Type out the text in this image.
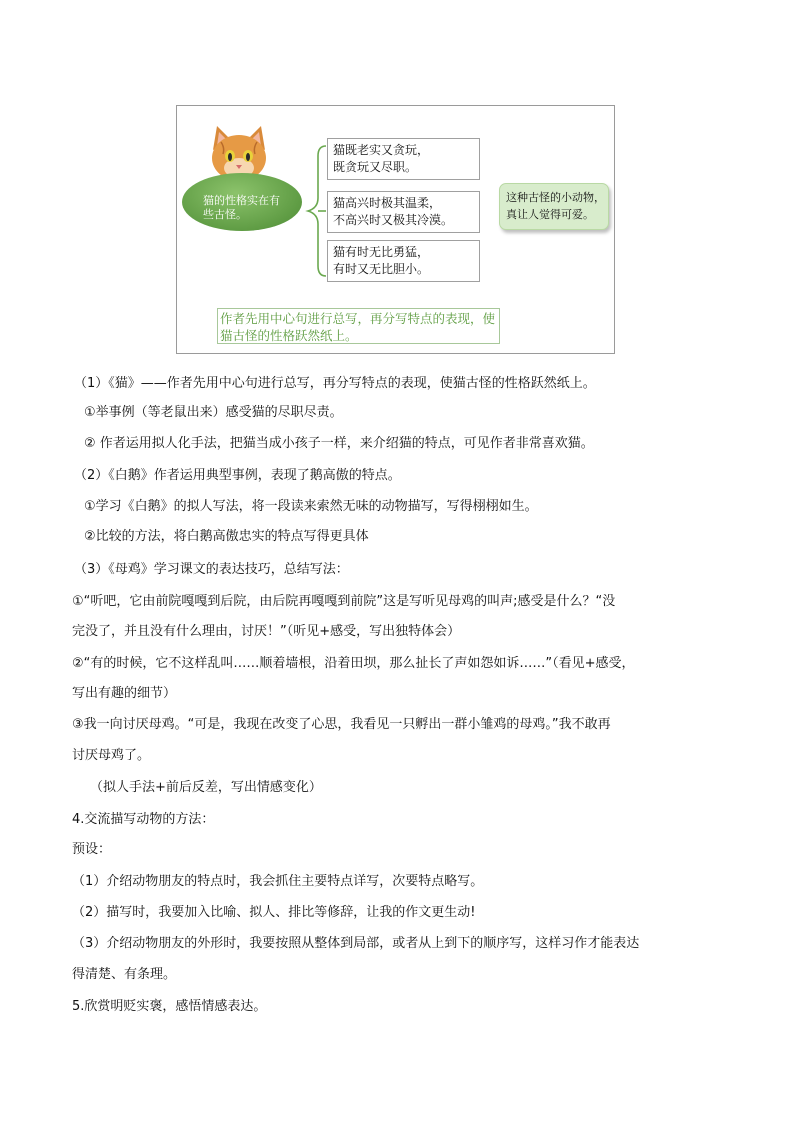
猫的性格实在有 些古怪。
猫既老实又贪玩，
既贪玩又尽职。
猫高兴时极其温柔，
不高兴时又极其冷漠。
猫有时无比勇猛，
有时又无比胆小。
这种古怪的小动物，
真让人觉得可爱。
作者先用中心句进行总写，再分写特点的表现，使猫古怪的性格跃然纸上。
（1）《猫》——作者先用中心句进行总写，再分写特点的表现，使猫古怪的性格跃然纸上。
①举事例（等老鼠出来）感受猫的尽职尽责。
② 作者运用拟人化手法，把猫当成小孩子一样，来介绍猫的特点，可见作者非常喜欢猫。
（2）《白鹅》作者运用典型事例，表现了鹅高傲的特点。
①学习《白鹅》的拟人写法，将一段读来索然无味的动物描写，写得栩栩如生。
②比较的方法，将白鹅高傲忠实的特点写得更具体
（3）《母鸡》学习课文的表达技巧，总结写法：
①“听吧，它由前院嘎嘎到后院，由后院再嘎嘎到前院”这是写听见母鸡的叫声;感受是什么？“没
完没了，并且没有什么理由，讨厌！”（听见+感受，写出独特体会）
②“有的时候，它不这样乱叫……顺着墙根，沿着田坝，那么扯长了声如怨如诉……”（看见+感受，
写出有趣的细节）
③我一向讨厌母鸡。“可是，我现在改变了心思，我看见一只孵出一群小雏鸡的母鸡。”我不敢再
讨厌母鸡了。
（拟人手法+前后反差，写出情感变化）
4.交流描写动物的方法：
预设：
（1）介绍动物朋友的特点时，我会抓住主要特点详写，次要特点略写。
（2）描写时，我要加入比喻、拟人、排比等修辞，让我的作文更生动!
（3）介绍动物朋友的外形时，我要按照从整体到局部，或者从上到下的顺序写，这样习作才能表达
得清楚、有条理。
5.欣赏明贬实褒，感悟情感表达。
